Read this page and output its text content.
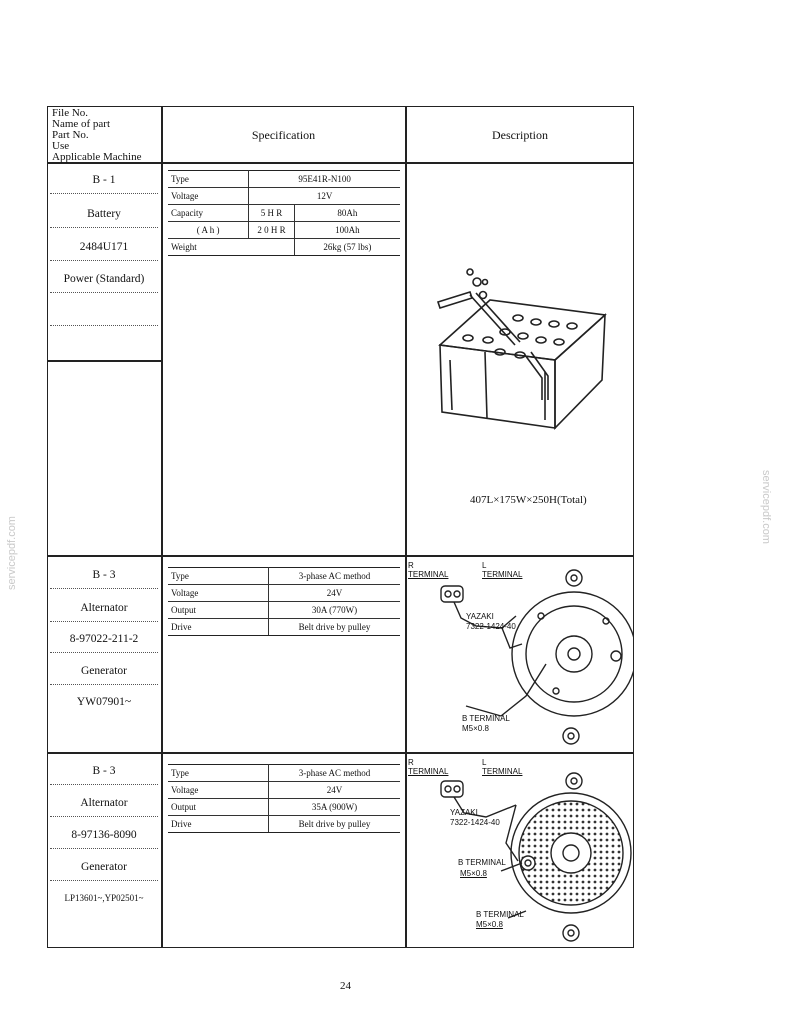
servicepdf.com
servicepdf.com
File No.
Name of part
Part No.
Use
Applicable Machine
Specification	Description
B - 1
Battery
2484U171
Power (Standard)
Type	95E41R-N100	
Voltage	12V	
Capacity	5 H R	80Ah
( A h )	2 0 H R	100Ah
Weight		26kg (57 lbs)
407L×175W×250H(Total)
B - 3
Alternator
8-97022-211-2
Generator
YW07901~
Type	3-phase AC method
Voltage	24V
Output	30A (770W)
Drive	Belt drive by pulley
R
TERMINAL
L
TERMINAL
YAZAKI
7322-1424-40
B TERMINAL
M5×0.8
B - 3
Alternator
8-97136-8090
Generator
LP13601~,YP02501~
Type	3-phase AC method
Voltage	24V
Output	35A (900W)
Drive	Belt drive by pulley
R
TERMINAL
L
TERMINAL
YAZAKI
7322-1424-40
B TERMINAL
M5×0.8
B TERMINAL
M5×0.8
24
